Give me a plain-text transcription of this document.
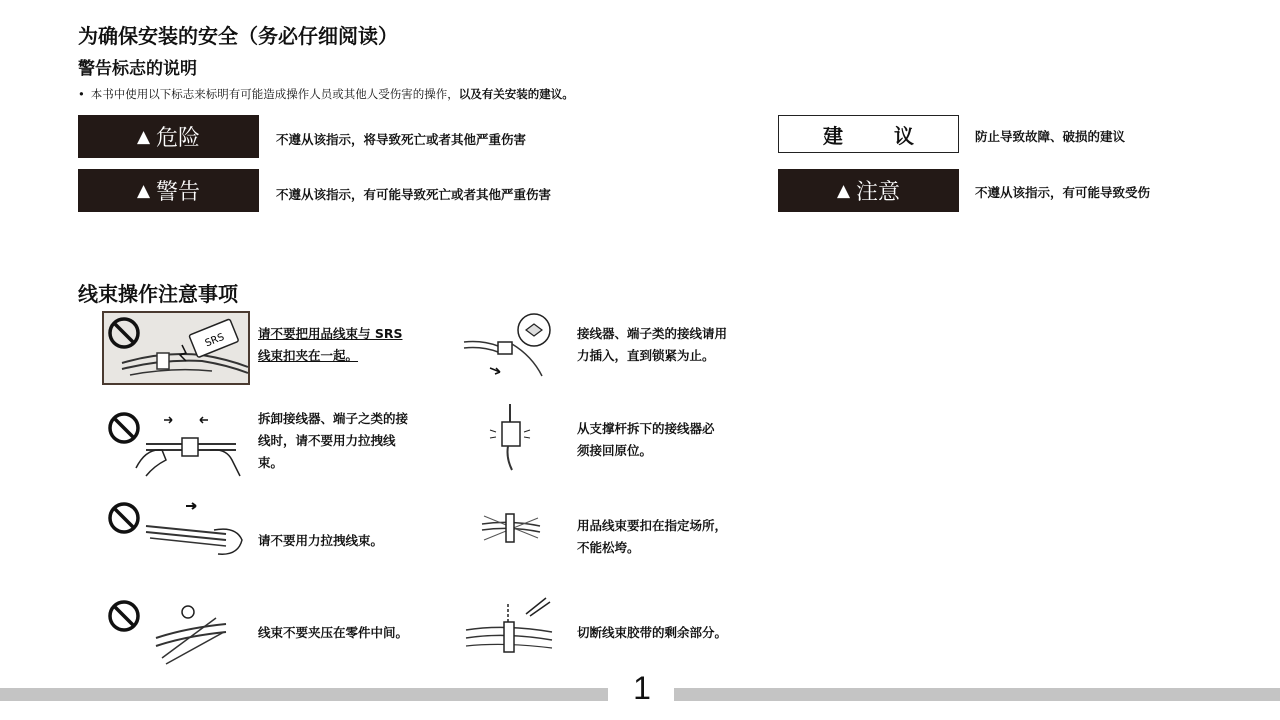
为确保安装的安全（务必仔细阅读）
警告标志的说明
• 本书中使用以下标志来标明有可能造成操作人员或其他人受伤害的操作，以及有关安装的建议。
▲ 危险	不遵从该指示，将导致死亡或者其他严重伤害
▲ 警告	不遵从该指示，有可能导致死亡或者其他严重伤害
建 议	防止导致故障、破损的建议
▲ 注意	不遵从该指示，有可能导致受伤
线束操作注意事项
SRS	请不要把用品线束与 SRS
线束扣夹在一起。
拆卸接线器、端子之类的接
线时，请不要用力拉拽线
束。
请不要用力拉拽线束。
线束不要夹压在零件中间。
接线器、端子类的接线请用
力插入，直到锁紧为止。
从支撑杆拆下的接线器必
须接回原位。
用品线束要扣在指定场所，
不能松垮。
切断线束胶带的剩余部分。
1
